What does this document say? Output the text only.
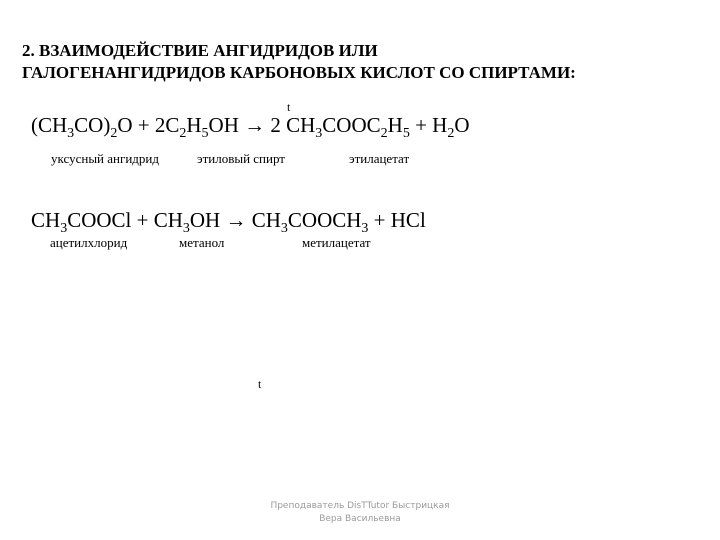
2. ВЗАИМОДЕЙСТВИЕ АНГИДРИДОВ ИЛИ
ГАЛОГЕНАНГИДРИДОВ КАРБОНОВЫХ КИСЛОТ СО СПИРТАМИ:
t
$(CH_3CO)_2O + 2C_2H_5OH \to 2$ $CH_3COOC_2H_5 + H_2O$
уксусный ангидрид	этиловый спирт	этилацетат
$CH_3COOCl + CH_3OH$ → $CH_3COOCH_3$ + HCl
ацетилхлорид	метанол	метилацетат
t
Преподаватель DisTTutor Быстрицкая
Вера Васильевна
